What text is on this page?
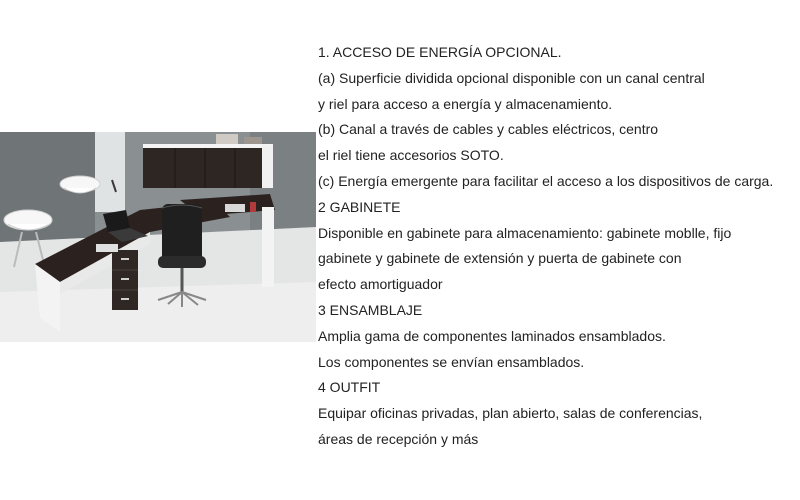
1. ACCESO DE ENERGÍA OPCIONAL.
(a) Superficie dividida opcional disponible con un canal central
y riel para acceso a energía y almacenamiento.
(b) Canal a través de cables y cables eléctricos, centro
el riel tiene accesorios SOTO.
(c) Energía emergente para facilitar el acceso a los dispositivos de carga.
2 GABINETE
Disponible en gabinete para almacenamiento: gabinete moblle, fijo
gabinete y gabinete de extensión y puerta de gabinete con
efecto amortiguador
3 ENSAMBLAJE
Amplia gama de componentes laminados ensamblados.
Los componentes se envían ensamblados.
4 OUTFIT
Equipar oficinas privadas, plan abierto, salas de conferencias,
áreas de recepción y más
